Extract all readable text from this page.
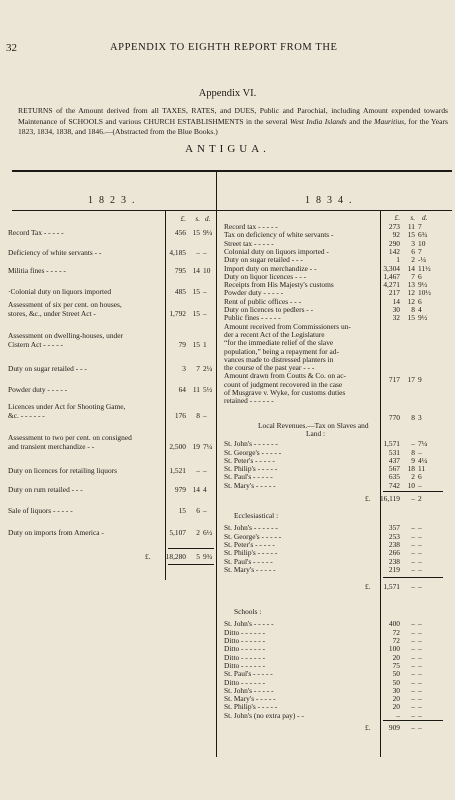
32	APPENDIX TO EIGHTH REPORT FROM THE
Appendix VI.
RETURNS of the Amount derived from all TAXES, RATES, and DUES, Public and Parochial, including Amount expended towards Maintenance of SCHOOLS and various CHURCH ESTABLISHMENTS in the several West India Islands and the Mauritius, for the Years 1823, 1834, 1838, and 1846.—(Abstracted from the Blue Books.)
ANTIGUA.
1823.	1834.
£.	s. d.
Record Tax - - - - -	456 15 9¼
Deficiency of white servants - -	4,185	– –
Militia fines - - - - -	795 14 10
·Colonial duty on liquors imported	485 15 –
Assessment of six per cent. on houses,
stores, &c., under Street Act -	1,792 15 –
Assessment on dwelling-houses, under
Cistern Act - - - - -	79 15 1
Duty on sugar retailed - - -	3	7 2¼
Powder duty - - - - -	64 11 5½
Licences under Act for Shooting Game,
&c. - - - - - -	176	8 –
Assessment to two per cent. on consigned
and transient merchandize - -	2,500 19 7¼
Duty on licences for retailing liquors	1,521	– –
Duty on rum retailed - - -	979 14 4
Sale of liquors - - - - -	15	6 –
Duty on imports from America -	5,107	2 6½
£.	18,280	5 9¾
£.	s. d.
Record tax - - - - -	273	11 7
Tax on deficiency of white servants -	92	15 6¾
Street tax - - - - -	290	3 10
Colonial duty on liquors imported -	142	6 7
Duty on sugar retailed - - -	1	2 -¼
Import duty on merchandize - -	3,304	14 11½
Duty on liquor licences - - -	1,467	7 6
Receipts from His Majesty's customs	4,271	13 9½
Powder duty - - - - -	217	12 10½
Rent of public offices - - -	14	12 6
Duty on licences to pedlers - -	30	8 4
Public fines - - - - -	32	15 9½
Amount received from Commissioners un-
der a recent Act of the Legislature
“for the immediate relief of the slave
population,” being a repayment for ad-
vances made to distressed planters in
the course of the past year - - -
717	17 9
Amount drawn from Coutts & Co. on ac-
count of judgment recovered in the case
of Musgrave v. Wyke, for customs duties
retained - - - - - -
770	8 3
Local Revenues.—Tax on Slaves and
Land :
St. John's - - - - - -	1,571	– 7¼
St. George's - - - - -	531	8 –
St. Peter's - - - - -	437	9 4¼
St. Philip's - - - - -	567	18 11
St. Paul's - - - - -	635	2 6
St. Mary's - - - - -	742	10 –
£.	16,119	– 2
Ecclesiastical :
St. John's - - - - - -	357	– –
St. George's - - - - -	253	– –
St. Peter's - - - - -	238	– –
St. Philip's - - - - -	266	– –
St. Paul's - - - - -	238	– –
St. Mary's - - - - -	219	– –
£.	1,571	– –
Schools :
St. John's - - - - -	400	– –
Ditto - - - - - -	72	– –
Ditto - - - - - -	72	– –
Ditto - - - - - -	100	– –
Ditto - - - - - -	20	– –
Ditto - - - - - -	75	– –
St. Paul's - - - - -	50	– –
Ditto - - - - - -	50	– –
St. John's - - - - -	30	– –
St. Mary's - - - - -	20	– –
St. Philip's - - - - -	20	– –
St. John's (no extra pay) - -	–	– –
£.	909	– –
